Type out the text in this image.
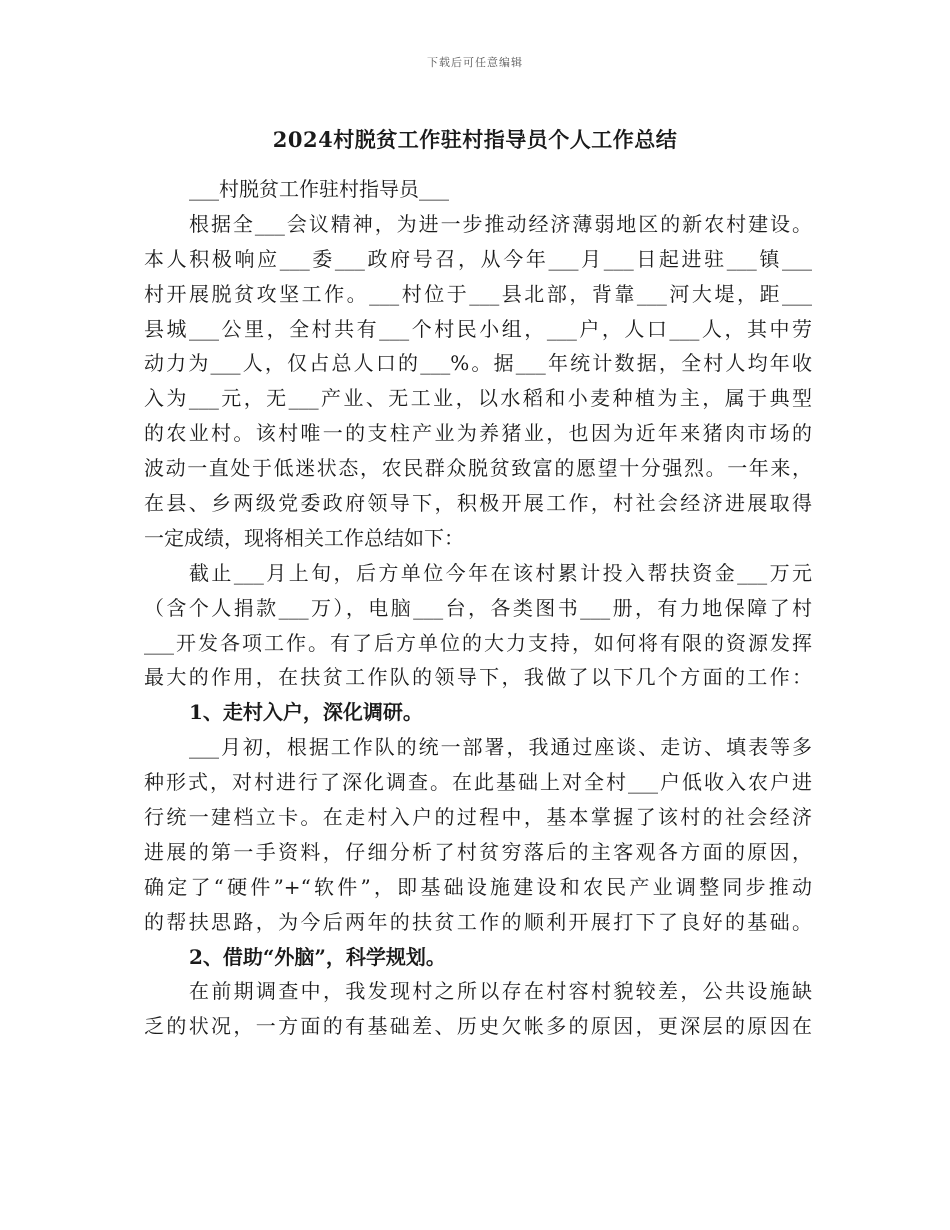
下载后可任意编辑
2024村脱贫工作驻村指导员个人工作总结
___村脱贫工作驻村指导员___
根据全___会议精神，为进一步推动经济薄弱地区的新农村建设。
本人积极响应___委___政府号召，从今年___月___日起进驻___镇___
村开展脱贫攻坚工作。___村位于___县北部，背靠___河大堤，距___
县城___公里，全村共有___个村民小组，___户，人口___人，其中劳
动力为___人，仅占总人口的___%。据___年统计数据，全村人均年收
入为___元，无___产业、无工业，以水稻和小麦种植为主，属于典型
的农业村。该村唯一的支柱产业为养猪业，也因为近年来猪肉市场的
波动一直处于低迷状态，农民群众脱贫致富的愿望十分强烈。一年来，
在县、乡两级党委政府领导下，积极开展工作，村社会经济进展取得
一定成绩，现将相关工作总结如下：
截止___月上旬，后方单位今年在该村累计投入帮扶资金___万元
（含个人捐款___万），电脑___台，各类图书___册，有力地保障了村
___开发各项工作。有了后方单位的大力支持，如何将有限的资源发挥
最大的作用，在扶贫工作队的领导下，我做了以下几个方面的工作：
1、走村入户，深化调研。
___月初，根据工作队的统一部署，我通过座谈、走访、填表等多
种形式，对村进行了深化调查。在此基础上对全村___户低收入农户进
行统一建档立卡。在走村入户的过程中，基本掌握了该村的社会经济
进展的第一手资料，仔细分析了村贫穷落后的主客观各方面的原因，
确定了“硬件”+“软件”，即基础设施建设和农民产业调整同步推动
的帮扶思路，为今后两年的扶贫工作的顺利开展打下了良好的基础。
2、借助“外脑”，科学规划。
在前期调查中，我发现村之所以存在村容村貌较差，公共设施缺
乏的状况，一方面的有基础差、历史欠帐多的原因，更深层的原因在
